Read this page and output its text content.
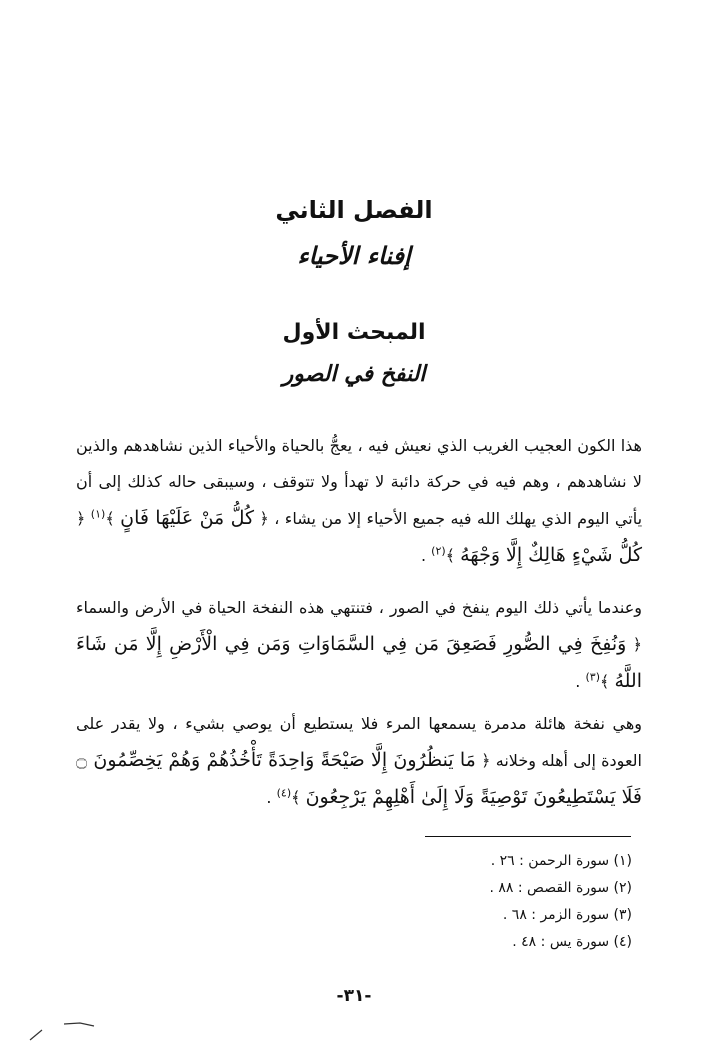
الفصل الثاني
إفناء الأحياء
المبحث الأول
النفخ في الصور
هذا الكون العجيب الغريب الذي نعيش فيه ، يعجُّ بالحياة والأحياء الذين نشاهدهم والذين لا نشاهدهم ، وهم فيه في حركة دائبة لا تهدأ ولا تتوقف ، وسيبقى حاله كذلك إلى أن يأتي اليوم الذي يهلك الله فيه جميع الأحياء إلا من يشاء ، ﴿ كُلُّ مَنْ عَلَيْهَا فَانٍ ﴾$^{(١)}$ ﴿ كُلُّ شَيْءٍ هَالِكٌ إِلَّا وَجْهَهُ ﴾$^{(٢)}$ .
وعندما يأتي ذلك اليوم ينفخ في الصور ، فتنتهي هذه النفخة الحياة في الأرض والسماء ﴿ وَنُفِخَ فِي الصُّورِ فَصَعِقَ مَن فِي السَّمَاوَاتِ وَمَن فِي الْأَرْضِ إِلَّا مَن شَاءَ اللَّهُ ﴾$^{(٣)}$ .
وهي نفخة هائلة مدمرة يسمعها المرء فلا يستطيع أن يوصي بشيء ، ولا يقدر على العودة إلى أهله وخلانه ﴿ مَا يَنظُرُونَ إِلَّا صَيْحَةً وَاحِدَةً تَأْخُذُهُمْ وَهُمْ يَخِصِّمُونَ ۝ فَلَا يَسْتَطِيعُونَ تَوْصِيَةً وَلَا إِلَىٰ أَهْلِهِمْ يَرْجِعُونَ ﴾$^{(٤)}$ .
(١) سورة الرحمن : ٢٦ .
(٢) سورة القصص : ٨٨ .
(٣) سورة الزمر : ٦٨ .
(٤) سورة يس : ٤٨ .
-٣١-
